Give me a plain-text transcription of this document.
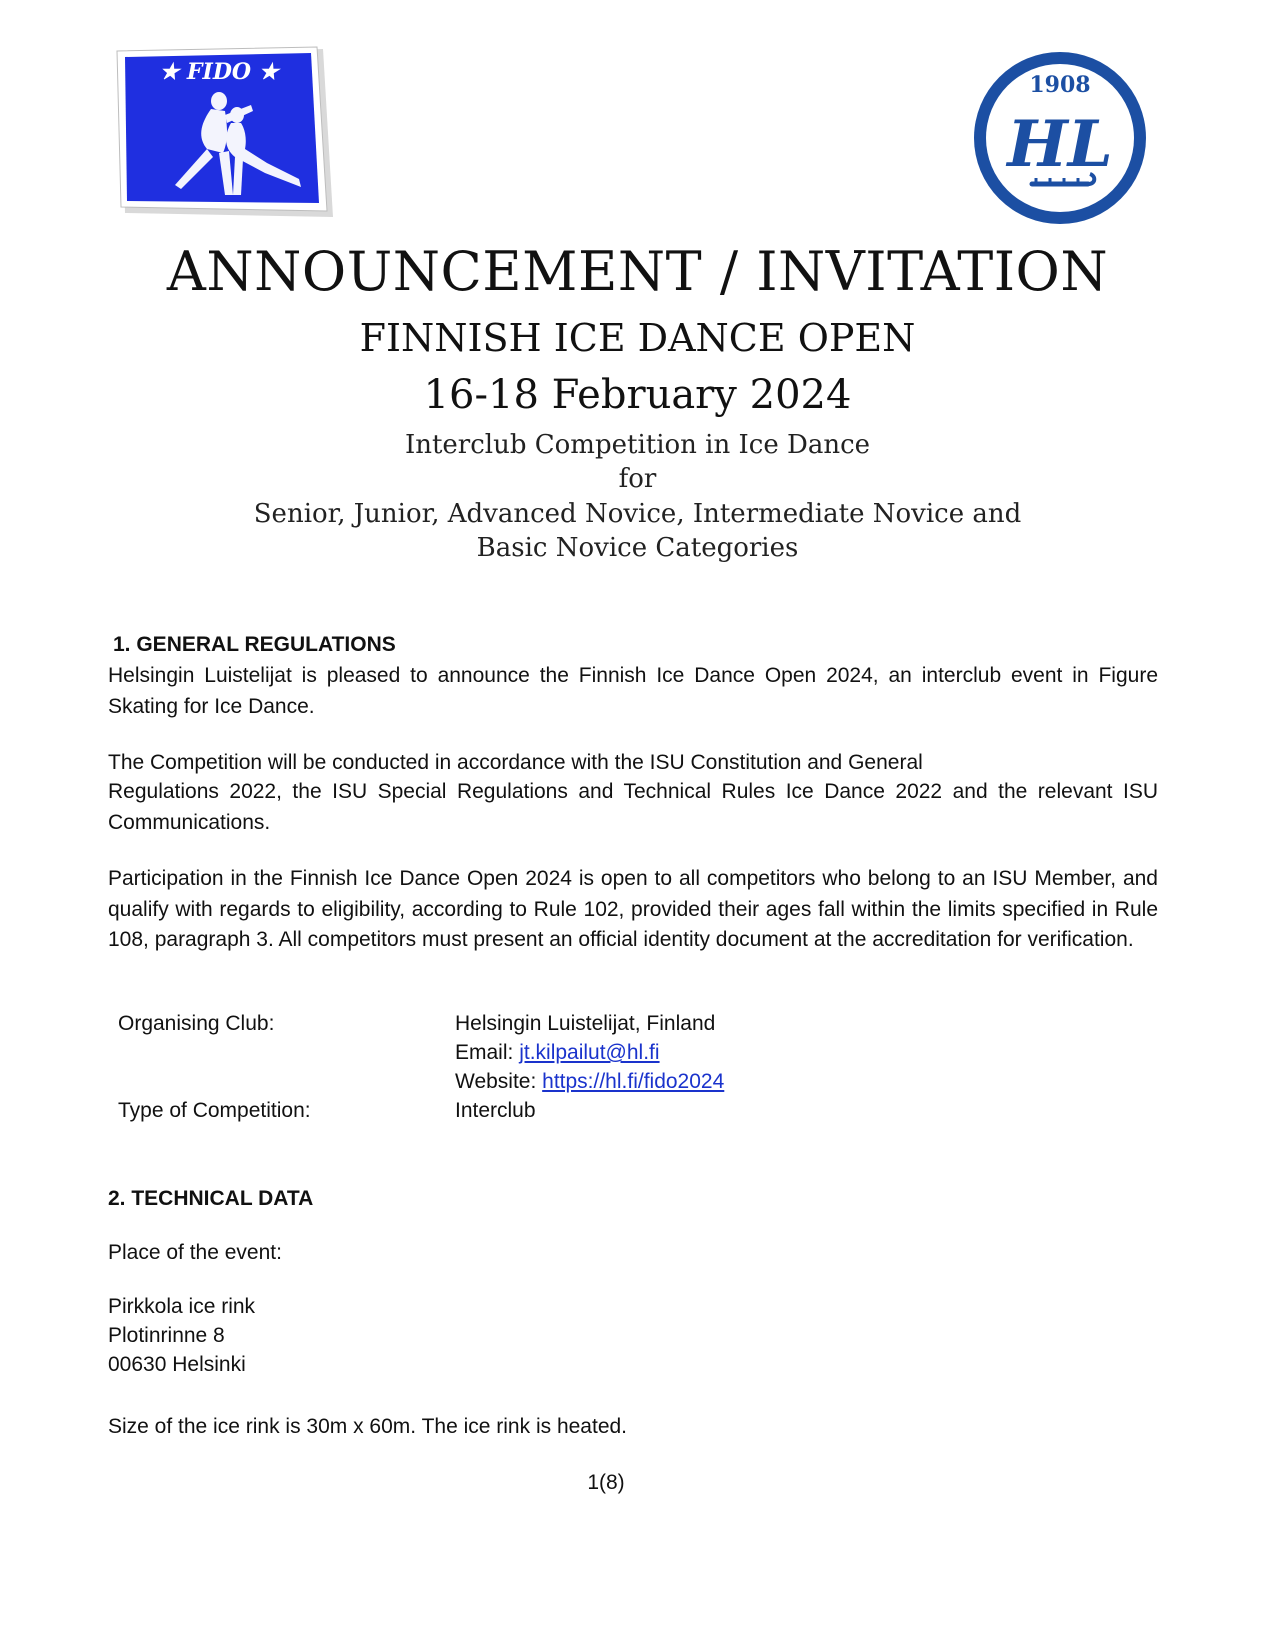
★ FIDO ★	1908
HL
ANNOUNCEMENT / INVITATION
FINNISH ICE DANCE OPEN
16-18 February 2024
Interclub Competition in Ice Dance
for
Senior, Junior, Advanced Novice, Intermediate Novice and
Basic Novice Categories
1. GENERAL REGULATIONS
Helsingin Luistelijat is pleased to announce the Finnish Ice Dance Open 2024, an interclub event in Figure Skating for Ice Dance.
The Competition will be conducted in accordance with the ISU Constitution and General
Regulations 2022, the ISU Special Regulations and Technical Rules Ice Dance 2022 and the relevant ISU Communications.
Participation in the Finnish Ice Dance Open 2024 is open to all competitors who belong to an ISU Member, and qualify with regards to eligibility, according to Rule 102, provided their ages fall within the limits specified in Rule 108, paragraph 3. All competitors must present an official identity document at the accreditation for verification.
Organising Club:	Helsingin Luistelijat, Finland
Email: jt.kilpailut@hl.fi
Website: https://hl.fi/fido2024
Type of Competition:	Interclub
2. TECHNICAL DATA
Place of the event:
Pirkkola ice rink
Plotinrinne 8
00630 Helsinki
Size of the ice rink is 30m x 60m. The ice rink is heated.
1(8)
